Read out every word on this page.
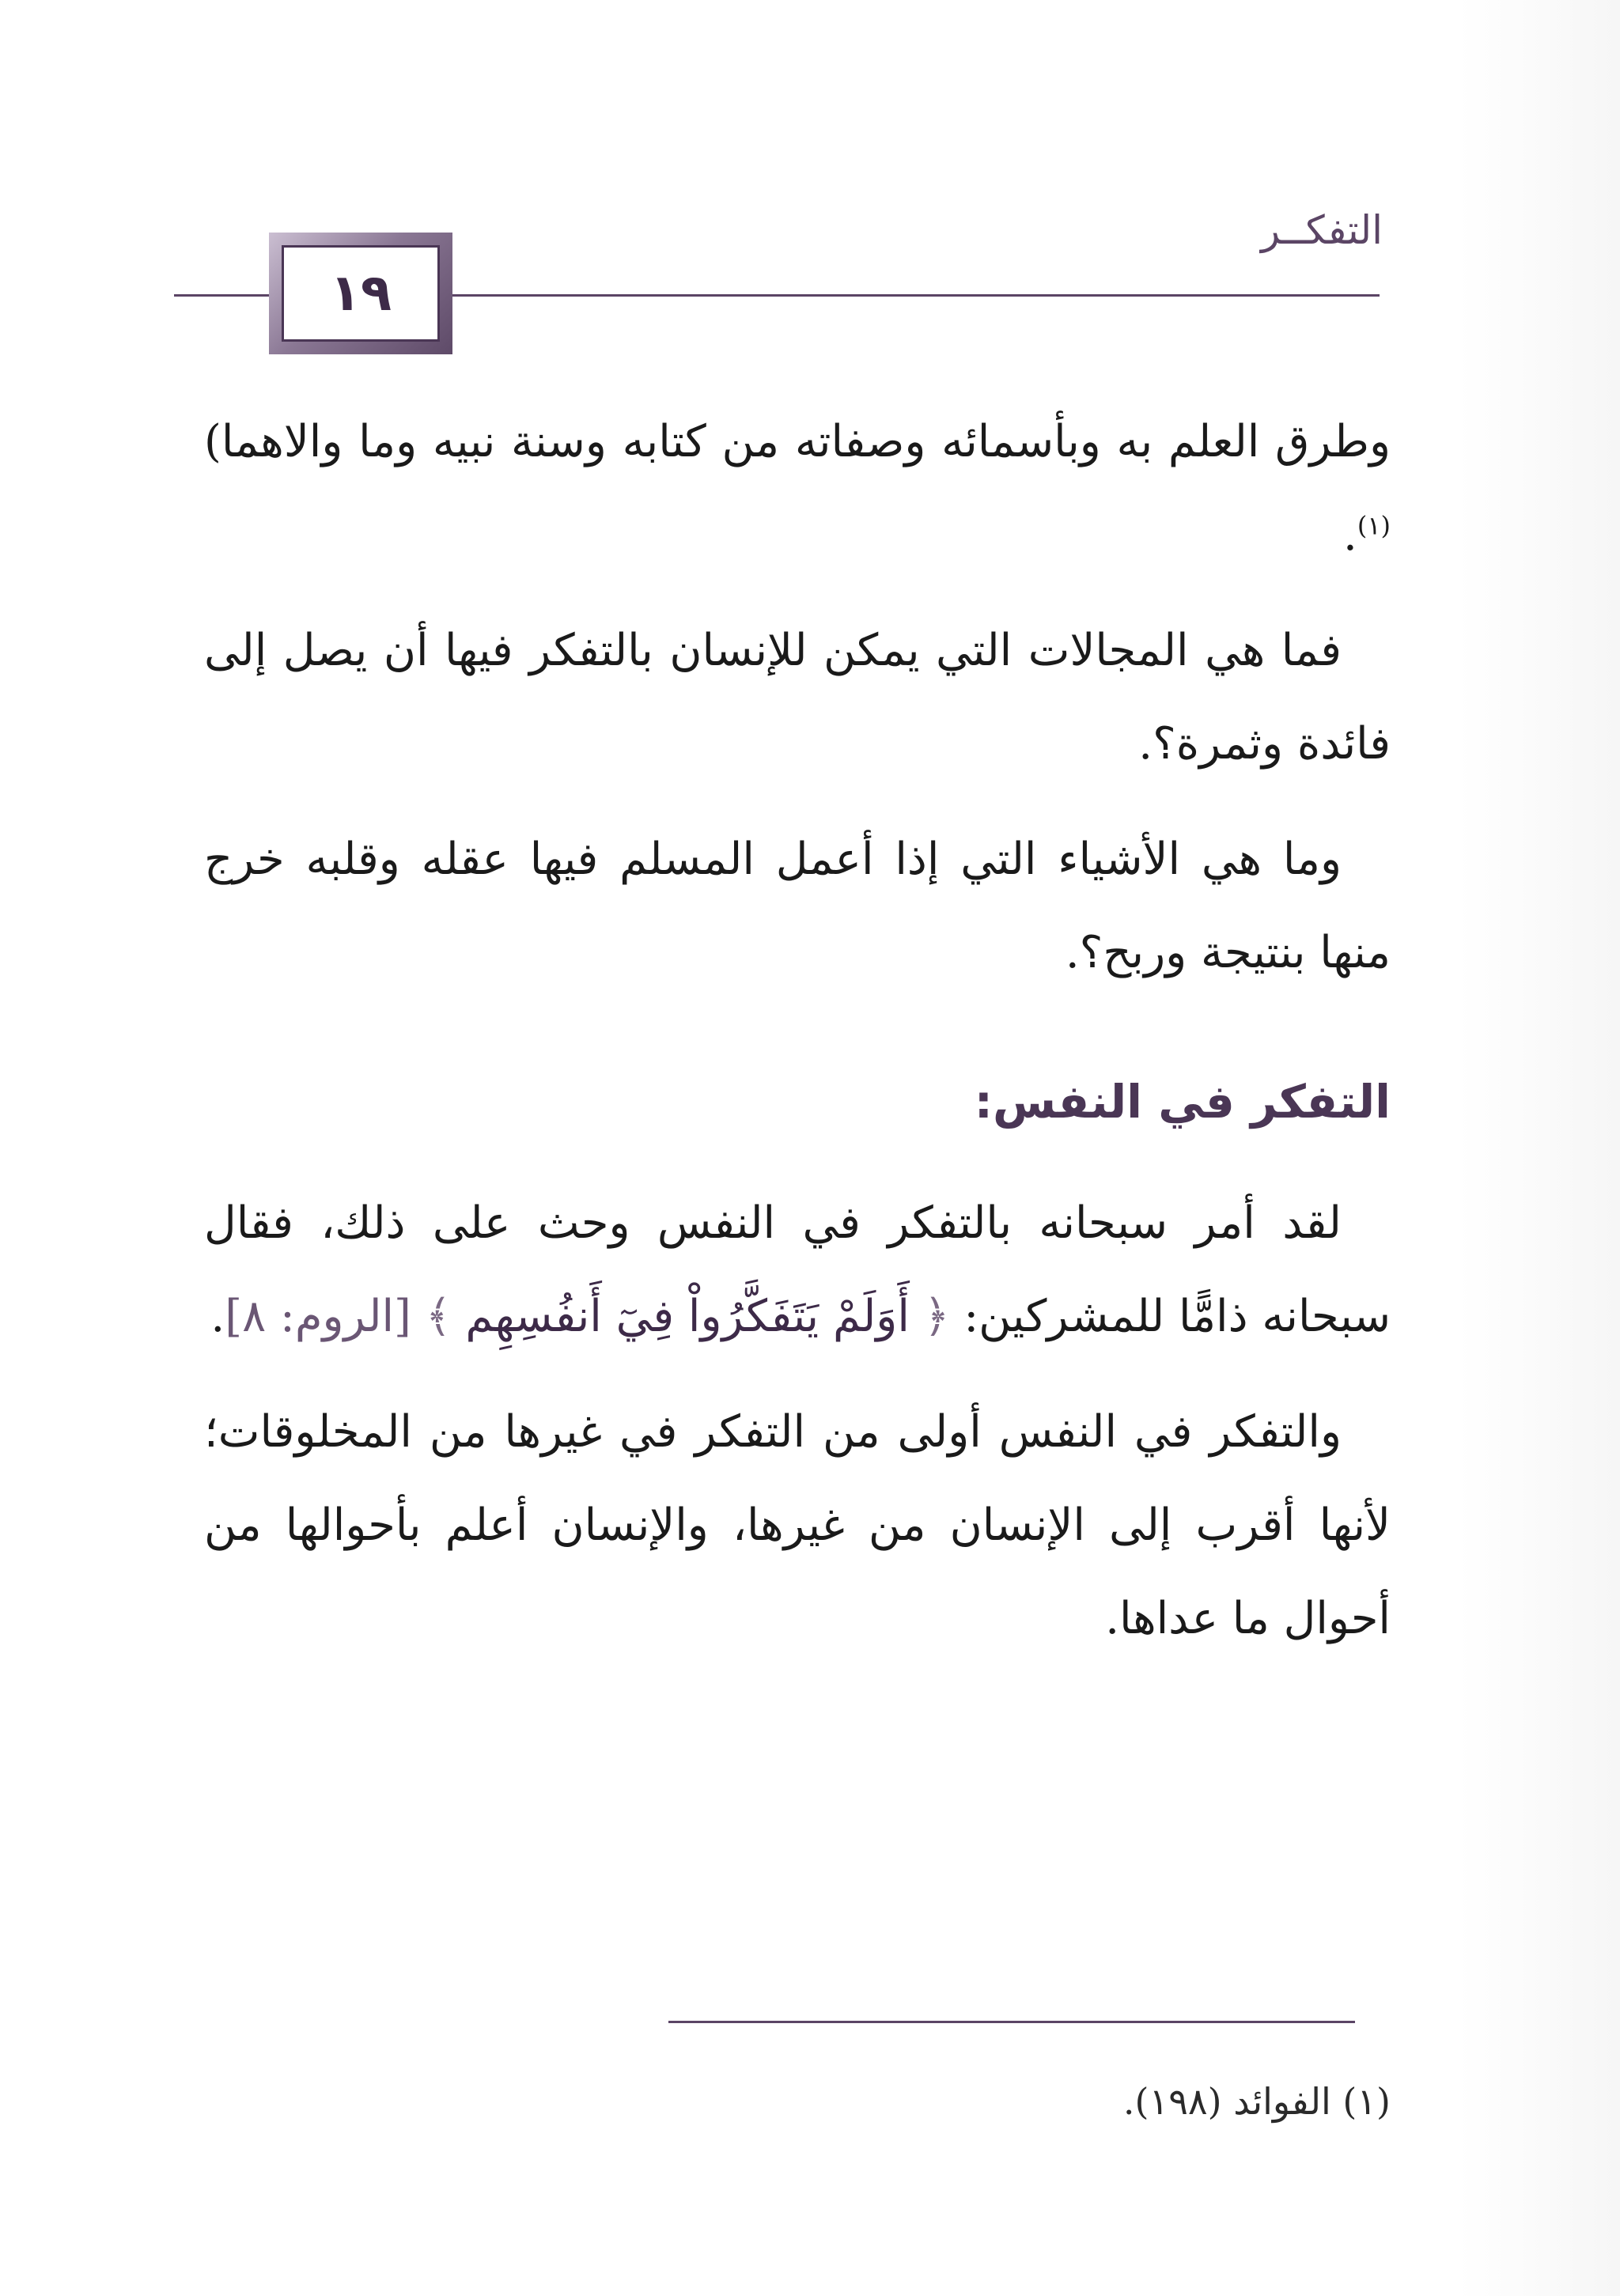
التفكــر
١٩

وطرق العلم به وبأسمائه وصفاته من كتابه وسنة نبيه وما والاهما)$^{(١)}$.

فما هي المجالات التي يمكن للإنسان بالتفكر فيها أن يصل إلى فائدة وثمرة؟.

وما هي الأشياء التي إذا أعمل المسلم فيها عقله وقلبه خرج منها بنتيجة وربح؟.

التفكر في النفس:

لقد أمر سبحانه بالتفكر في النفس وحث على ذلك، فقال سبحانه ذامًّا للمشركين: ﴿ أَوَلَمْ يَتَفَكَّرُواْ فِيٓ أَنفُسِهِم ﴾ [الروم: ٨].

والتفكر في النفس أولى من التفكر في غيرها من المخلوقات؛ لأنها أقرب إلى الإنسان من غيرها، والإنسان أعلم بأحوالها من أحوال ما عداها.

(١) الفوائد (١٩٨).
